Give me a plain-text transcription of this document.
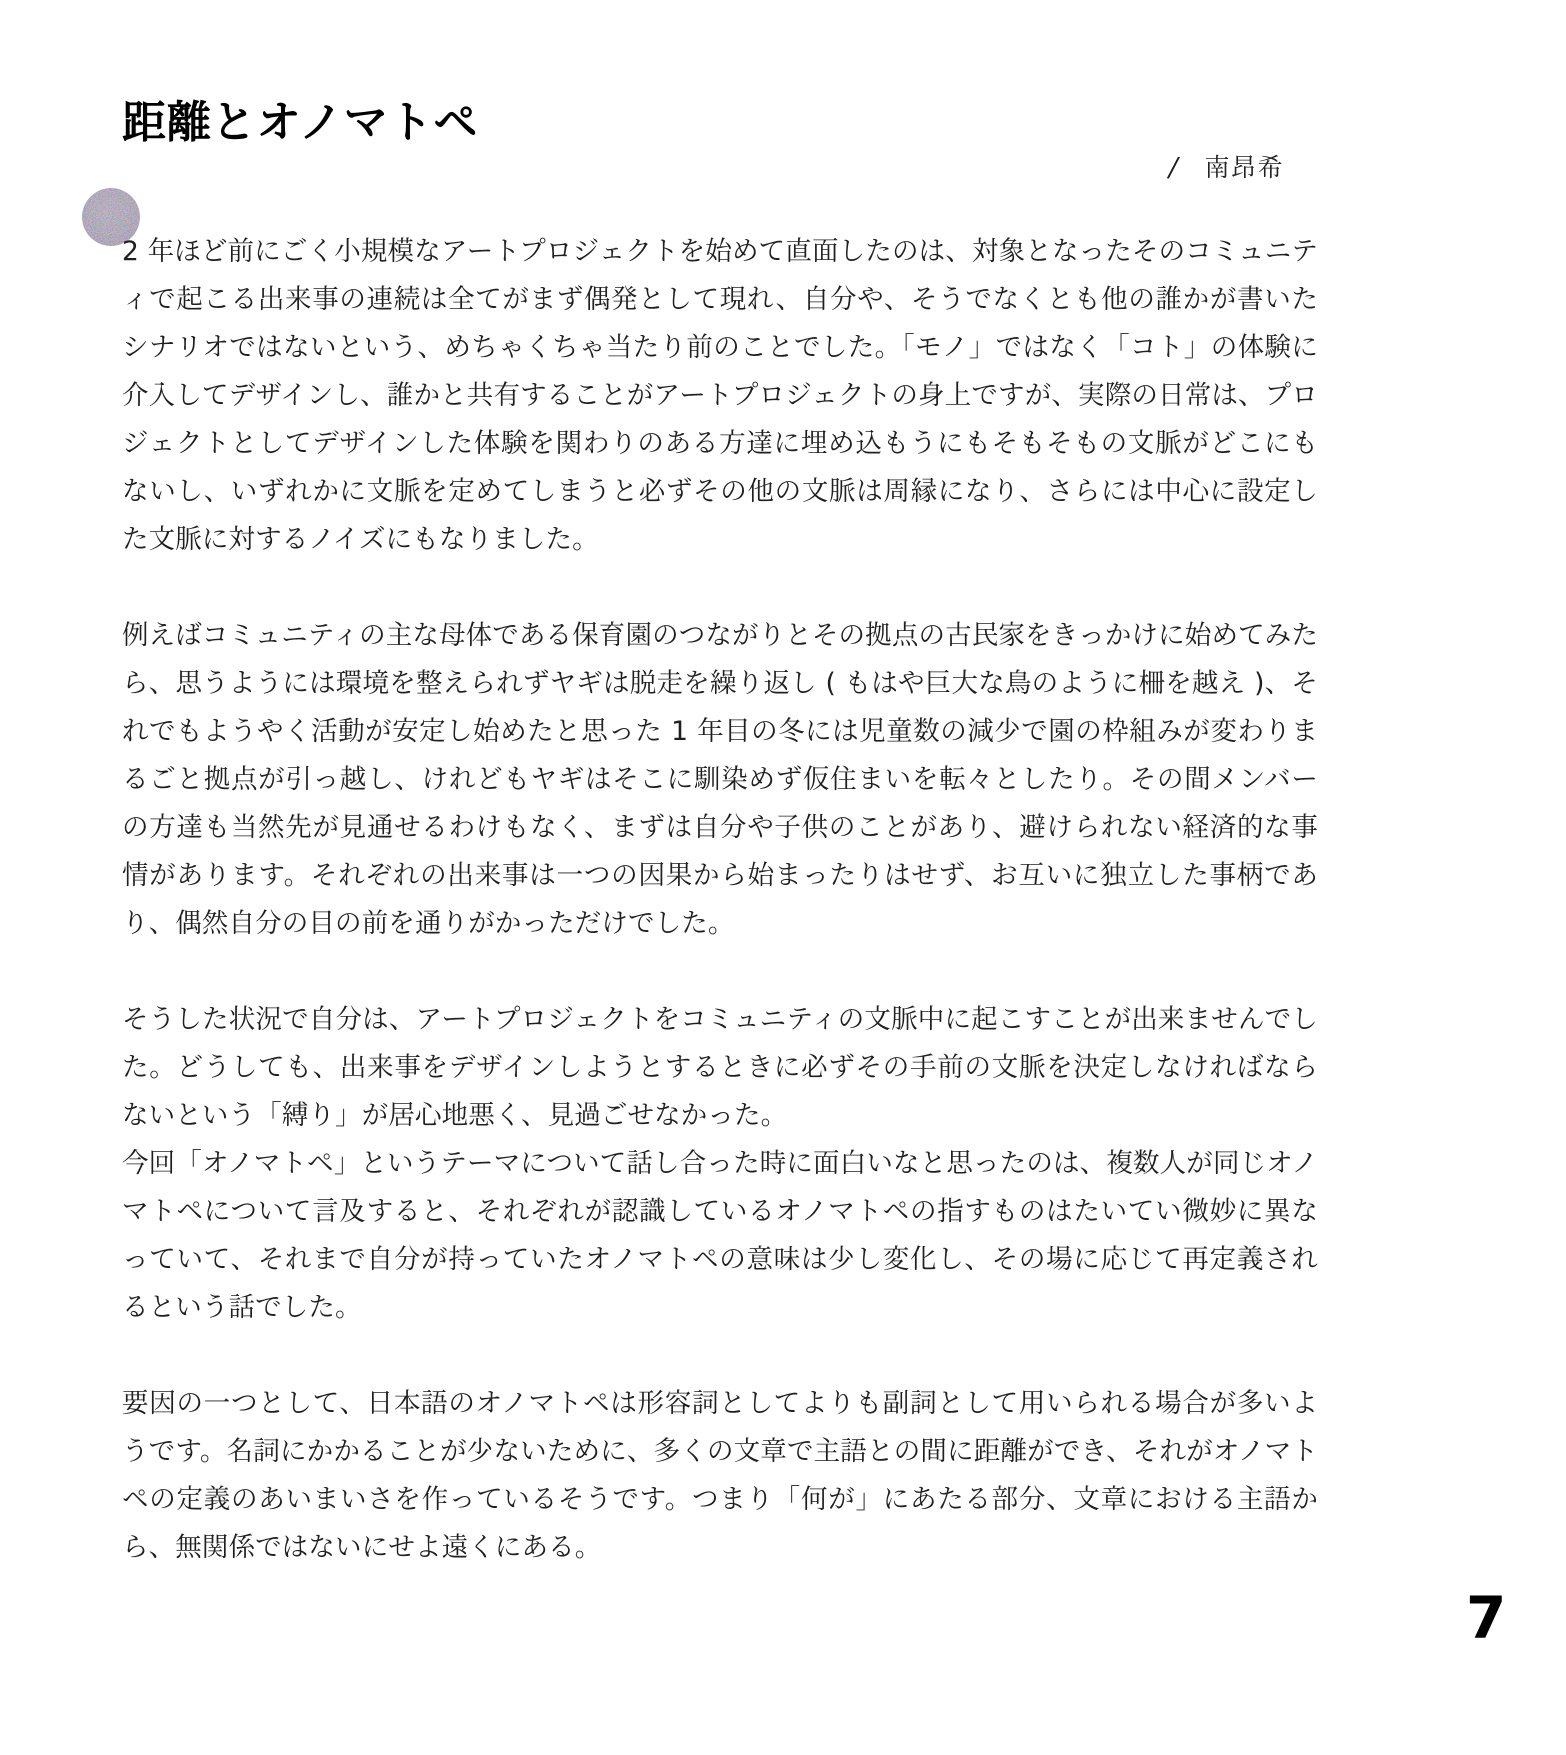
距離とオノマトペ
/ 南昂希

2 年ほど前にごく小規模なアートプロジェクトを始めて直面したのは、対象となったそのコミュニティで起こる出来事の連続は全てがまず偶発として現れ、自分や、そうでなくとも他の誰かが書いたシナリオではないという、めちゃくちゃ当たり前のことでした。「モノ」ではなく「コト」の体験に介入してデザインし、誰かと共有することがアートプロジェクトの身上ですが、実際の日常は、プロジェクトとしてデザインした体験を関わりのある方達に埋め込もうにもそもそもの文脈がどこにもないし、いずれかに文脈を定めてしまうと必ずその他の文脈は周縁になり、さらには中心に設定した文脈に対するノイズにもなりました。

例えばコミュニティの主な母体である保育園のつながりとその拠点の古民家をきっかけに始めてみたら、思うようには環境を整えられずヤギは脱走を繰り返し ( もはや巨大な鳥のように柵を越え )、それでもようやく活動が安定し始めたと思った 1 年目の冬には児童数の減少で園の枠組みが変わりまるごと拠点が引っ越し、けれどもヤギはそこに馴染めず仮住まいを転々としたり。その間メンバーの方達も当然先が見通せるわけもなく、まずは自分や子供のことがあり、避けられない経済的な事情があります。それぞれの出来事は一つの因果から始まったりはせず、お互いに独立した事柄であり、偶然自分の目の前を通りがかっただけでした。

そうした状況で自分は、アートプロジェクトをコミュニティの文脈中に起こすことが出来ませんでした。どうしても、出来事をデザインしようとするときに必ずその手前の文脈を決定しなければならないという「縛り」が居心地悪く、見過ごせなかった。
今回「オノマトペ」というテーマについて話し合った時に面白いなと思ったのは、複数人が同じオノマトペについて言及すると、それぞれが認識しているオノマトペの指すものはたいてい微妙に異なっていて、それまで自分が持っていたオノマトペの意味は少し変化し、その場に応じて再定義されるという話でした。

要因の一つとして、日本語のオノマトペは形容詞としてよりも副詞として用いられる場合が多いようです。名詞にかかることが少ないために、多くの文章で主語との間に距離ができ、それがオノマトペの定義のあいまいさを作っているそうです。つまり「何が」にあたる部分、文章における主語から、無関係ではないにせよ遠くにある。

7
